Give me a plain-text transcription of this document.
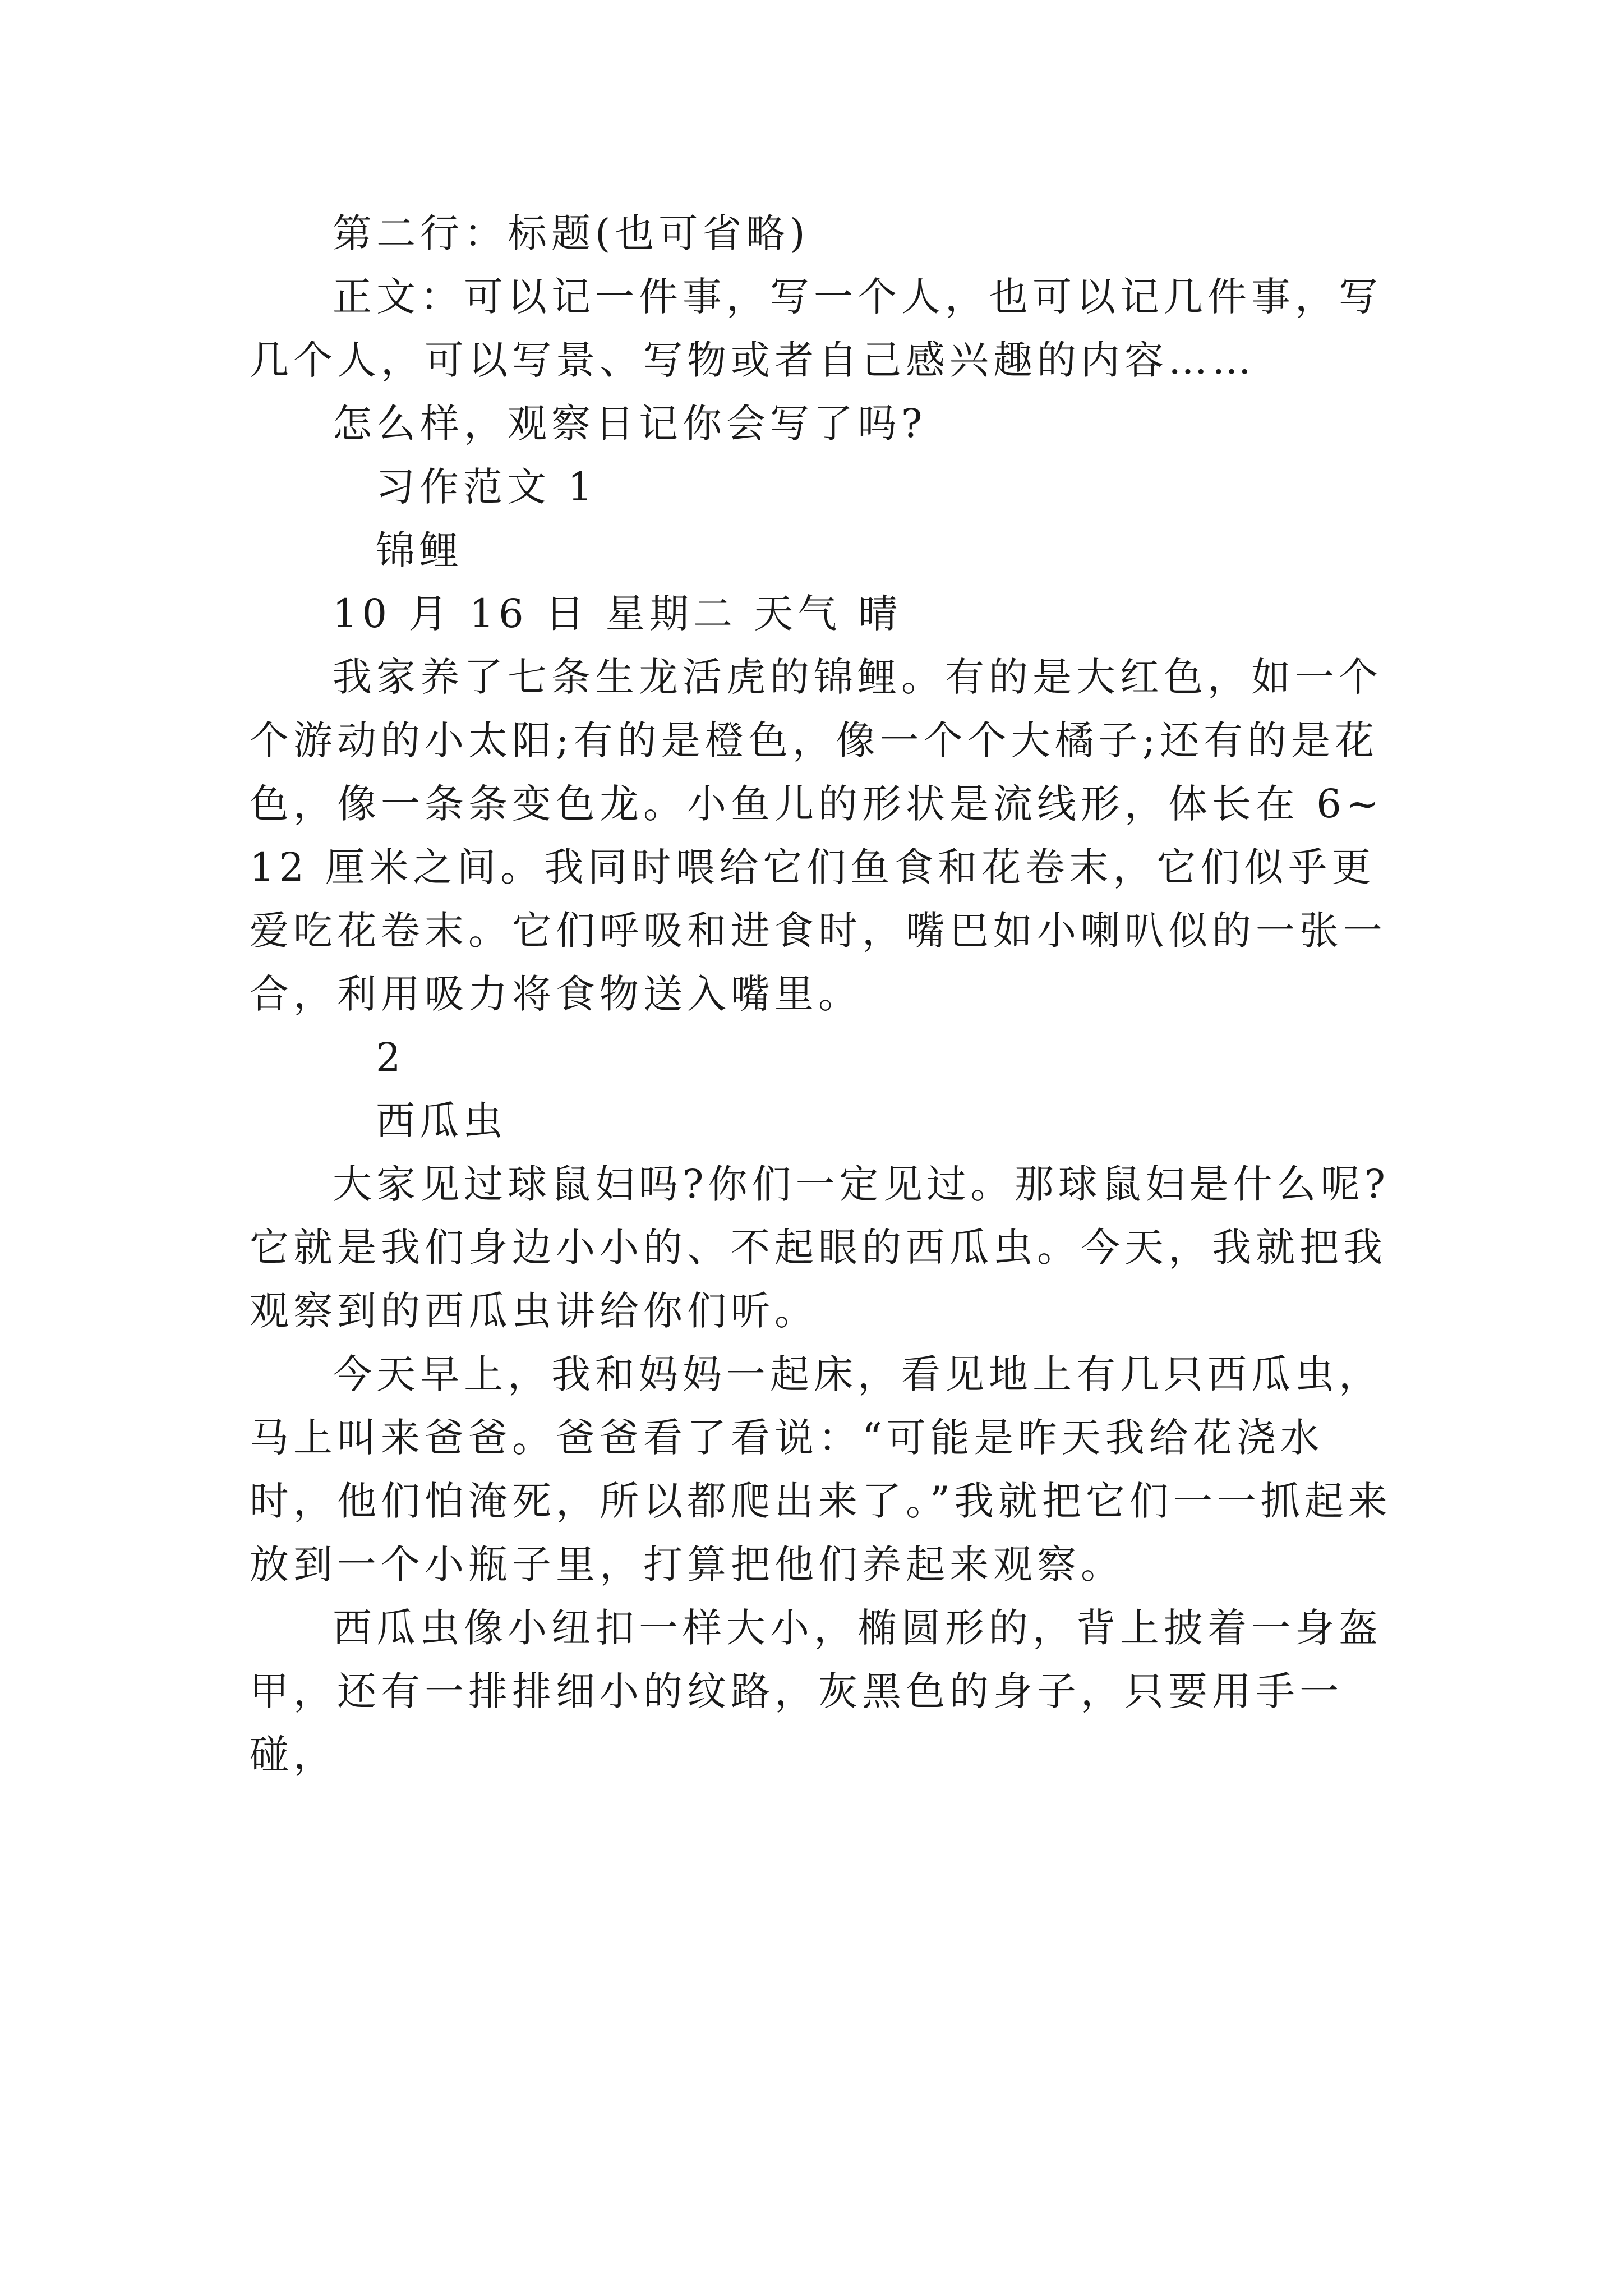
第二行：标题(也可省略)

正文：可以记一件事，写一个人，也可以记几件事，写几个人，可以写景、写物或者自己感兴趣的内容……

怎么样，观察日记你会写了吗?

习作范文 1

锦鲤

10 月 16 日 星期二 天气 晴

我家养了七条生龙活虎的锦鲤。有的是大红色，如一个个游动的小太阳;有的是橙色，像一个个大橘子;还有的是花色，像一条条变色龙。小鱼儿的形状是流线形，体长在 6~12 厘米之间。我同时喂给它们鱼食和花卷末，它们似乎更爱吃花卷末。它们呼吸和进食时，嘴巴如小喇叭似的一张一合，利用吸力将食物送入嘴里。

2

西瓜虫

大家见过球鼠妇吗?你们一定见过。那球鼠妇是什么呢?它就是我们身边小小的、不起眼的西瓜虫。今天，我就把我观察到的西瓜虫讲给你们听。

今天早上，我和妈妈一起床，看见地上有几只西瓜虫，马上叫来爸爸。爸爸看了看说：“可能是昨天我给花浇水时，他们怕淹死，所以都爬出来了。”我就把它们一一抓起来放到一个小瓶子里，打算把他们养起来观察。

西瓜虫像小纽扣一样大小，椭圆形的，背上披着一身盔甲，还有一排排细小的纹路，灰黑色的身子，只要用手一碰，
